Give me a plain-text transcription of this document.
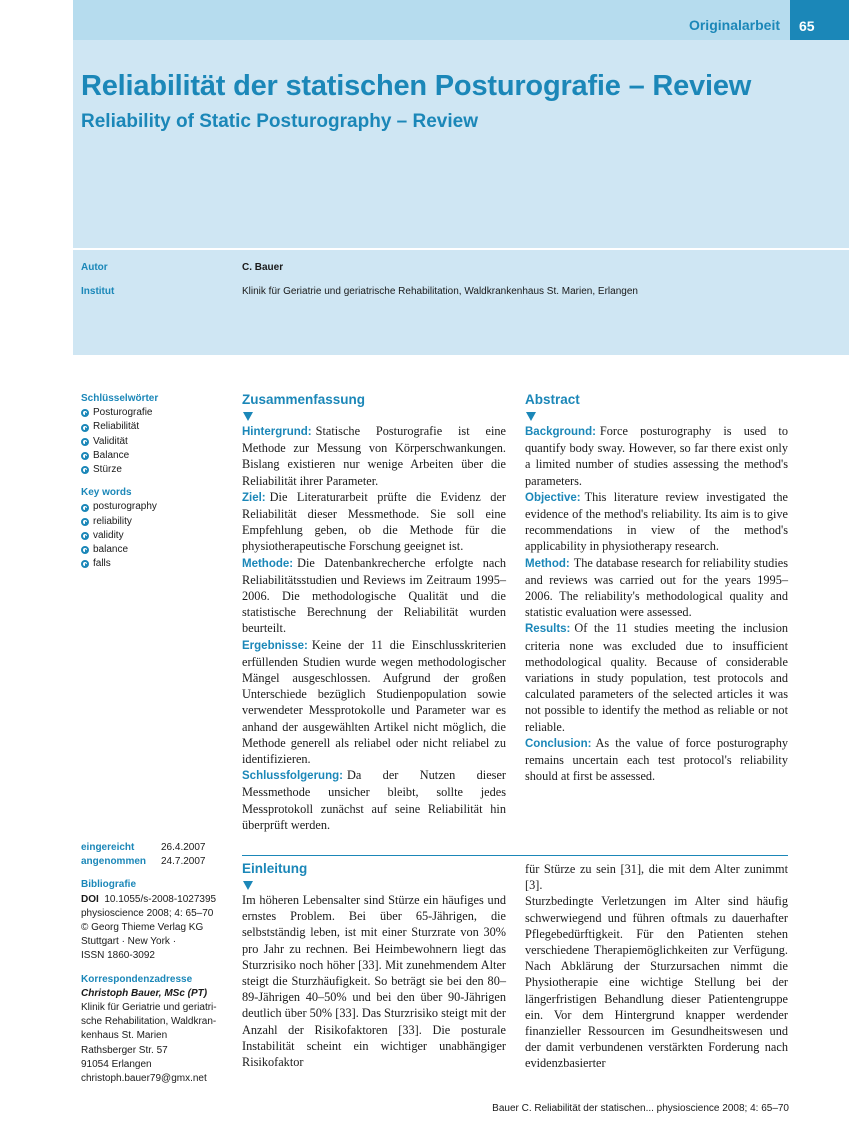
Originalarbeit	65
Reliabilität der statischen Posturografie – Review
Reliability of Static Posturography – Review
Autor	C. Bauer
Institut	Klinik für Geriatrie und geriatrische Rehabilitation, Waldkrankenhaus St. Marien, Erlangen
Schlüsselwörter
Posturografie
Reliabilität
Validität
Balance
Stürze
Key words
posturography
reliability
validity
balance
falls
eingereicht	26.4.2007
angenommen	24.7.2007
Bibliografie
DOI 10.1055/s-2008-1027395
physioscience 2008; 4: 65–70
© Georg Thieme Verlag KG
Stuttgart · New York ·
ISSN 1860-3092
Korrespondenzadresse
Christoph Bauer, MSc (PT)
Klinik für Geriatrie und geriatri-
sche Rehabilitation, Waldkran-
kenhaus St. Marien
Rathsberger Str. 57
91054 Erlangen
christoph.bauer79@gmx.net
Zusammenfassung

Hintergrund: Statische Posturografie ist eine Methode zur Messung von Körperschwankungen. Bislang existieren nur wenige Arbeiten über die Reliabilität ihrer Parameter.

Ziel: Die Literaturarbeit prüfte die Evidenz der Reliabilität dieser Messmethode. Sie soll eine Empfehlung geben, ob die Methode für die physiotherapeutische Forschung geeignet ist.

Methode: Die Datenbankrecherche erfolgte nach Reliabilitätsstudien und Reviews im Zeitraum 1995–2006. Die methodologische Qualität und die statistische Berechnung der Reliabilität wurden beurteilt.

Ergebnisse: Keine der 11 die Einschlusskriterien erfüllenden Studien wurde wegen methodologischer Mängel ausgeschlossen. Aufgrund der großen Unterschiede bezüglich Studienpopulation sowie verwendeter Messprotokolle und Parameter war es anhand der ausgewählten Artikel nicht möglich, die Methode generell als reliabel oder nicht reliabel zu identifizieren.

Schlussfolgerung: Da der Nutzen dieser Messmethode unsicher bleibt, sollte jedes Messprotokoll zunächst auf seine Reliabilität hin überprüft werden.

Abstract

Background: Force posturography is used to quantify body sway. However, so far there exist only a limited number of studies assessing the method's parameters.

Objective: This literature review investigated the evidence of the method's reliability. Its aim is to give recommendations in view of the method's applicability in physiotherapy research.

Method: The database research for reliability studies and reviews was carried out for the years 1995–2006. The reliability's methodological quality and statistic evaluation were assessed.

Results: Of the 11 studies meeting the inclusion criteria none was excluded due to insufficient methodological quality. Because of considerable variations in study population, test protocols and calculated parameters of the selected articles it was not possible to identify the method as reliable or not reliable.

Conclusion: As the value of force posturography remains uncertain each test protocol's reliability should at first be assessed.

Einleitung

Im höheren Lebensalter sind Stürze ein häufiges und ernstes Problem. Bei über 65-Jährigen, die selbstständig leben, ist mit einer Sturzrate von 30% pro Jahr zu rechnen. Bei Heimbewohnern liegt das Sturzrisiko noch höher [33]. Mit zunehmendem Alter steigt die Sturzhäufigkeit. So beträgt sie bei den 80–89-Jährigen 40–50% und bei den über 90-Jährigen deutlich über 50% [33]. Das Sturzrisiko steigt mit der Anzahl der Risikofaktoren [33]. Die posturale Instabilität scheint ein wichtiger unabhängiger Risikofaktor

für Stürze zu sein [31], die mit dem Alter zunimmt [3].

Sturzbedingte Verletzungen im Alter sind häufig schwerwiegend und führen oftmals zu dauerhafter Pflegebedürftigkeit. Für den Patienten stehen verschiedene Therapiemöglichkeiten zur Verfügung. Nach Abklärung der Sturzursachen nimmt die Physiotherapie eine wichtige Stellung bei der längerfristigen Behandlung dieser Patientengruppe ein. Vor dem Hintergrund knapper werdender finanzieller Ressourcen im Gesundheitswesen und der damit verbundenen verstärkten Forderung nach evidenzbasierter

Bauer C. Reliabilität der statischen... physioscience 2008; 4: 65–70
